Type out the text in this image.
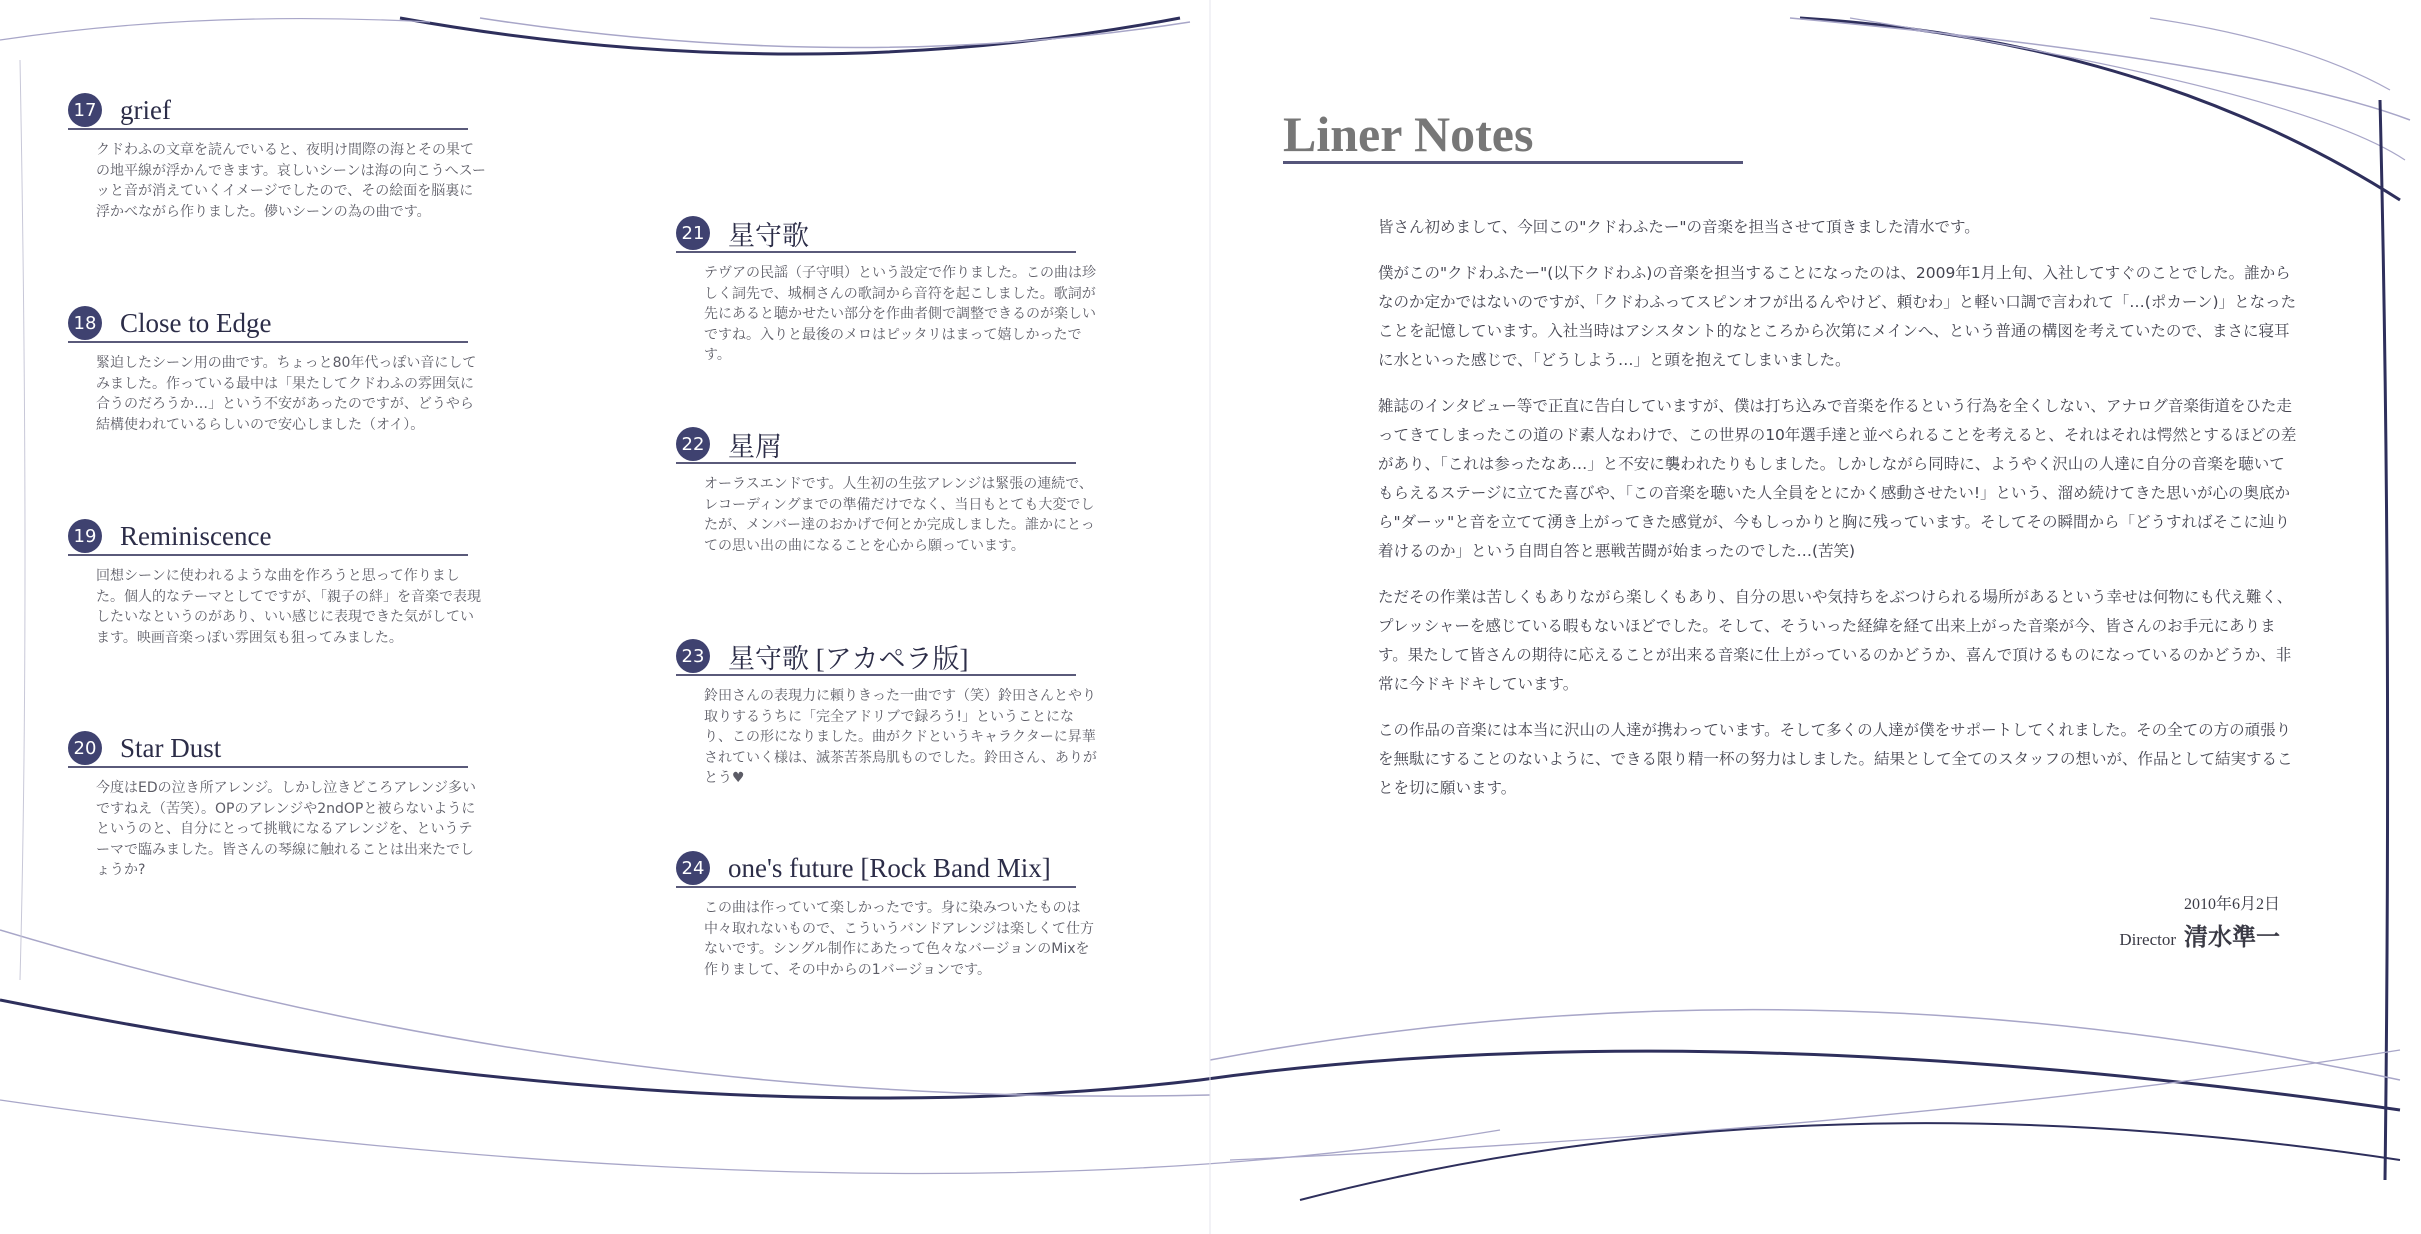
17 grief

クドわふの文章を読んでいると、夜明け間際の海とその果ての地平線が浮かんできます。哀しいシーンは海の向こうへスーッと音が消えていくイメージでしたので、その絵面を脳裏に浮かべながら作りました。儚いシーンの為の曲です。

18 Close to Edge

緊迫したシーン用の曲です。ちょっと80年代っぽい音にしてみました。作っている最中は「果たしてクドわふの雰囲気に合うのだろうか…」という不安があったのですが、どうやら結構使われているらしいので安心しました（オイ）。

19 Reminiscence

回想シーンに使われるような曲を作ろうと思って作りました。個人的なテーマとしてですが、「親子の絆」を音楽で表現したいなというのがあり、いい感じに表現できた気がしています。映画音楽っぽい雰囲気も狙ってみました。

20 Star Dust

今度はEDの泣き所アレンジ。しかし泣きどころアレンジ多いですねえ（苦笑）。OPのアレンジや2ndOPと被らないようにというのと、自分にとって挑戦になるアレンジを、というテーマで臨みました。皆さんの琴線に触れることは出来たでしょうか?

21 星守歌

テヴアの民謡（子守唄）という設定で作りました。この曲は珍しく詞先で、城桐さんの歌詞から音符を起こしました。歌詞が先にあると聴かせたい部分を作曲者側で調整できるのが楽しいですね。入りと最後のメロはピッタリはまって嬉しかったです。

22 星屑

オーラスエンドです。人生初の生弦アレンジは緊張の連続で、レコーディングまでの準備だけでなく、当日もとても大変でしたが、メンバー達のおかげで何とか完成しました。誰かにとっての思い出の曲になることを心から願っています。

23 星守歌 [アカペラ版]

鈴田さんの表現力に頼りきった一曲です（笑）鈴田さんとやり取りするうちに「完全アドリブで録ろう!」ということになり、この形になりました。曲がクドというキャラクターに昇華されていく様は、滅茶苦茶鳥肌ものでした。鈴田さん、ありがとう♥

24 one's future [Rock Band Mix]

この曲は作っていて楽しかったです。身に染みついたものは中々取れないもので、こういうバンドアレンジは楽しくて仕方ないです。シングル制作にあたって色々なバージョンのMixを作りまして、その中からの1バージョンです。

Liner Notes

皆さん初めまして、今回この"クドわふたー"の音楽を担当させて頂きました清水です。

僕がこの"クドわふたー"(以下クドわふ)の音楽を担当することになったのは、2009年1月上旬、入社してすぐのことでした。誰からなのか定かではないのですが、「クドわふってスピンオフが出るんやけど、頼むわ」と軽い口調で言われて「…(ポカーン)」となったことを記憶しています。入社当時はアシスタント的なところから次第にメインへ、という普通の構図を考えていたので、まさに寝耳に水といった感じで、「どうしよう…」と頭を抱えてしまいました。

雑誌のインタビュー等で正直に告白していますが、僕は打ち込みで音楽を作るという行為を全くしない、アナログ音楽街道をひた走ってきてしまったこの道のド素人なわけで、この世界の10年選手達と並べられることを考えると、それはそれは愕然とするほどの差があり、「これは参ったなあ…」と不安に襲われたりもしました。しかしながら同時に、ようやく沢山の人達に自分の音楽を聴いてもらえるステージに立てた喜びや、「この音楽を聴いた人全員をとにかく感動させたい!」という、溜め続けてきた思いが心の奥底から"ダーッ"と音を立てて湧き上がってきた感覚が、今もしっかりと胸に残っています。そしてその瞬間から「どうすればそこに辿り着けるのか」という自問自答と悪戦苦闘が始まったのでした…(苦笑)

ただその作業は苦しくもありながら楽しくもあり、自分の思いや気持ちをぶつけられる場所があるという幸せは何物にも代え難く、プレッシャーを感じている暇もないほどでした。そして、そういった経緯を経て出来上がった音楽が今、皆さんのお手元にあります。果たして皆さんの期待に応えることが出来る音楽に仕上がっているのかどうか、喜んで頂けるものになっているのかどうか、非常に今ドキドキしています。

この作品の音楽には本当に沢山の人達が携わっています。そして多くの人達が僕をサポートしてくれました。その全ての方の頑張りを無駄にすることのないように、できる限り精一杯の努力はしました。結果として全てのスタッフの想いが、作品として結実することを切に願います。

2010年6月2日
Director 清水準一
